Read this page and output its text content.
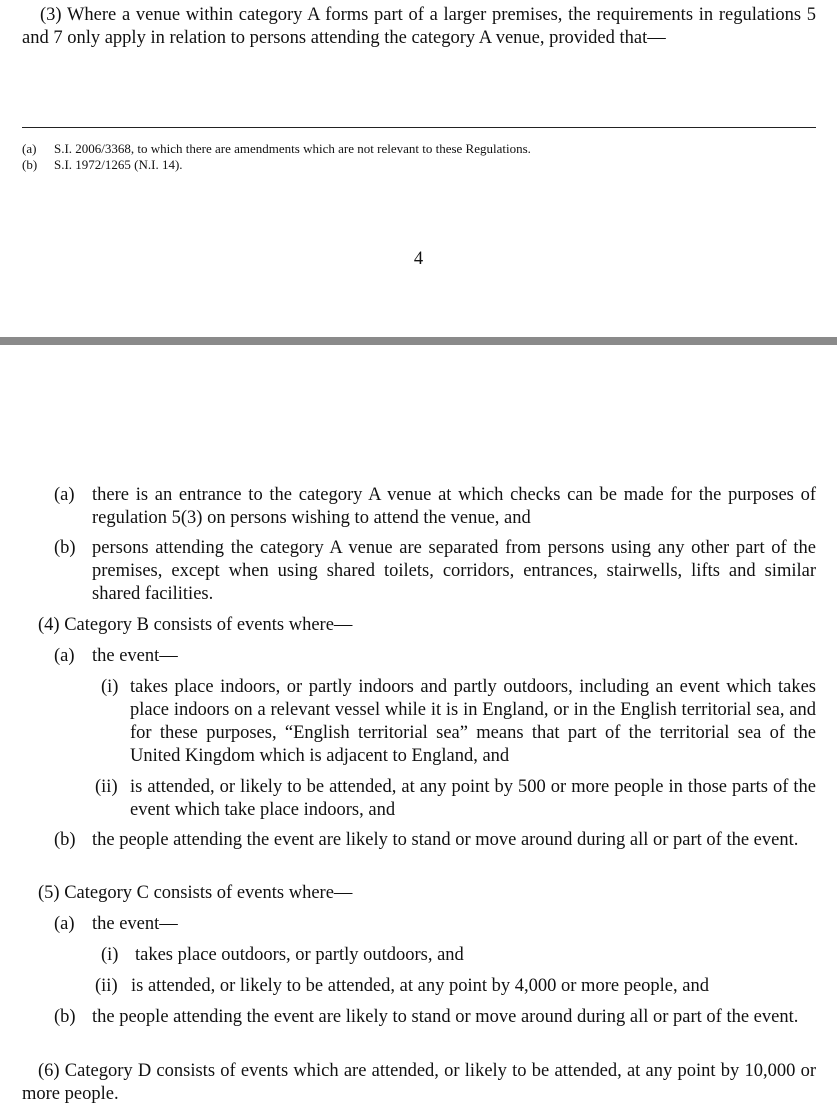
(3) Where a venue within category A forms part of a larger premises, the requirements in regulations 5 and 7 only apply in relation to persons attending the category A venue, provided that—

(a) S.I. 2006/3368, to which there are amendments which are not relevant to these Regulations.
(b) S.I. 1972/1265 (N.I. 14).
4
(a) there is an entrance to the category A venue at which checks can be made for the purposes of regulation 5(3) on persons wishing to attend the venue, and

(b) persons attending the category A venue are separated from persons using any other part of the premises, except when using shared toilets, corridors, entrances, stairwells, lifts and similar shared facilities.

(4) Category B consists of events where—

(a) the event—

(i) takes place indoors, or partly indoors and partly outdoors, including an event which takes place indoors on a relevant vessel while it is in England, or in the English territorial sea, and for these purposes, “English territorial sea” means that part of the territorial sea of the United Kingdom which is adjacent to England, and

(ii) is attended, or likely to be attended, at any point by 500 or more people in those parts of the event which take place indoors, and

(b) the people attending the event are likely to stand or move around during all or part of the event.

(5) Category C consists of events where—

(a) the event—

(i) takes place outdoors, or partly outdoors, and

(ii) is attended, or likely to be attended, at any point by 4,000 or more people, and

(b) the people attending the event are likely to stand or move around during all or part of the event.

(6) Category D consists of events which are attended, or likely to be attended, at any point by 10,000 or more people.
